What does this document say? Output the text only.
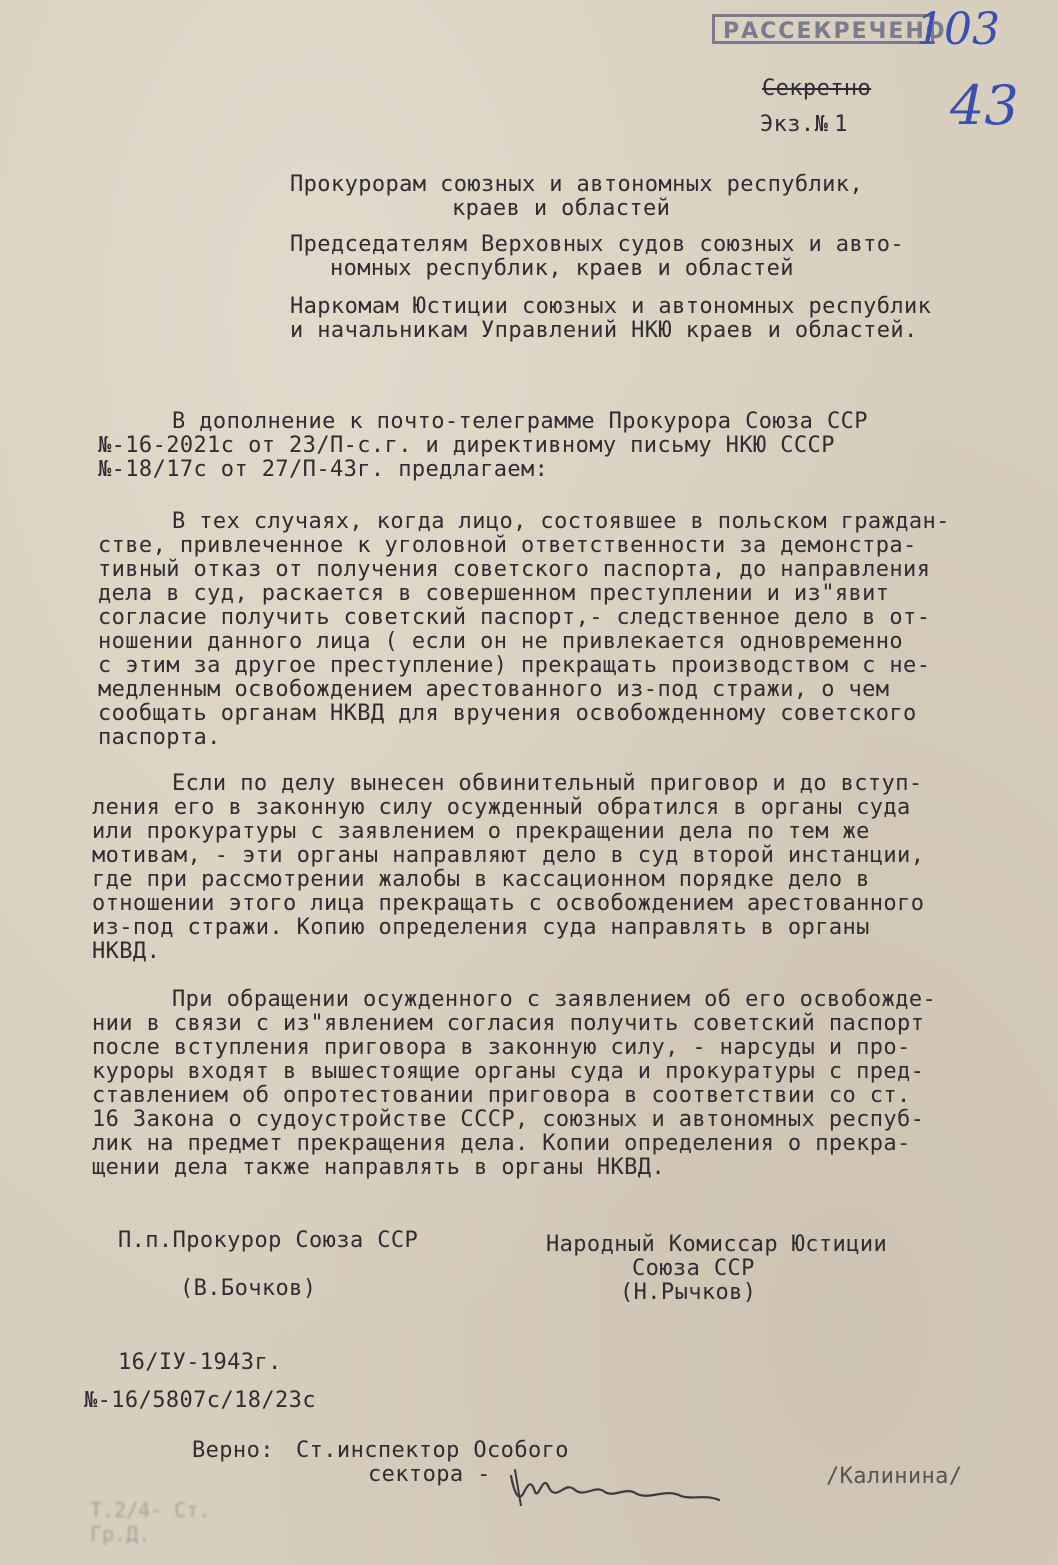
РАССЕКРЕЧЕНО
103
Секретно
Экз.№ 1 43
Прокурорам союзных и автономных республик,
краев и областей
Председателям Верховных судов союзных и авто-
номных республик, краев и областей
Наркомам Юстиции союзных и автономных республик
и начальникам Управлений НКЮ краев и областей.
В дополнение к почто-телеграмме Прокурора Союза ССР
№-16-2021с от 23/П-с.г. и директивному письму НКЮ СССР
№-18/17с от 27/П-43г. предлагаем:
В тех случаях, когда лицо, состоявшее в польском граждан-
стве, привлеченное к уголовной ответственности за демонстра-
тивный отказ от получения советского паспорта, до направления
дела в суд, раскается в совершенном преступлении и из"явит
согласие получить советский паспорт,- следственное дело в от-
ношении данного лица ( если он не привлекается одновременно
с этим за другое преступление) прекращать производством с не-
медленным освобождением арестованного из-под стражи, о чем
сообщать органам НКВД для вручения освобожденному советского
паспорта.
Если по делу вынесен обвинительный приговор и до вступ-
ления его в законную силу осужденный обратился в органы суда
или прокуратуры с заявлением о прекращении дела по тем же
мотивам, - эти органы направляют дело в суд второй инстанции,
где при рассмотрении жалобы в кассационном порядке дело в
отношении этого лица прекращать с освобождением арестованного
из-под стражи. Копию определения суда направлять в органы
НКВД.
При обращении осужденного с заявлением об его освобожде-
нии в связи с из"явлением согласия получить советский паспорт
после вступления приговора в законную силу, - нарсуды и про-
куроры входят в вышестоящие органы суда и прокуратуры с пред-
ставлением об опротестовании приговора в соответствии со ст.
16 Закона о судоустройстве СССР, союзных и автономных респуб-
лик на предмет прекращения дела. Копии определения о прекра-
щении дела также направлять в органы НКВД.
П.п.Прокурор Союза ССР
(В.Бочков)
Народный Комиссар Юстиции
Союза ССР
(Н.Рычков)
16/IУ-1943г.
№-16/5807с/18/23с
Верно: Ст.инспектор Особого
сектора -	/Калинина/
Т.2/4- Ст.
Гр.Д.
